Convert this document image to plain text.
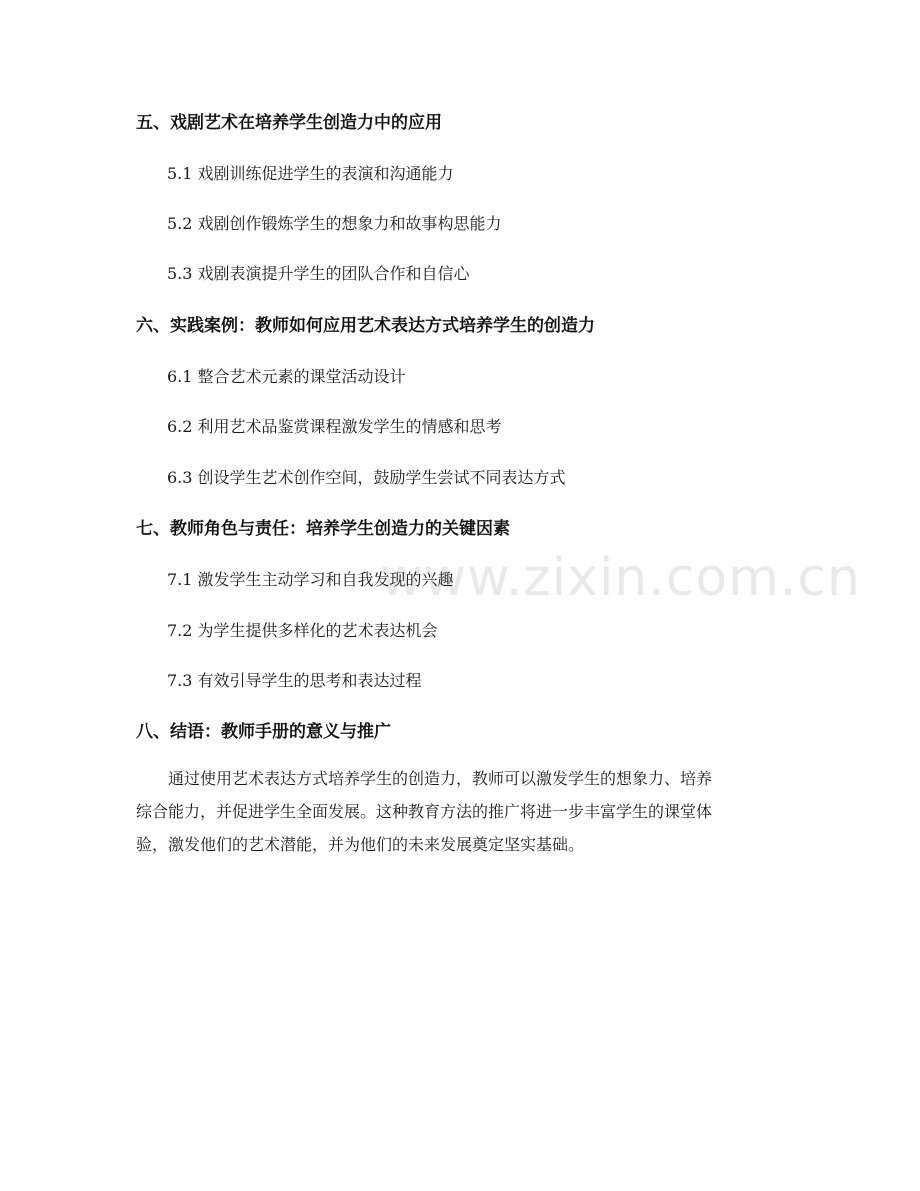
www.zixin.com.cn
五、戏剧艺术在培养学生创造力中的应用
5.1 戏剧训练促进学生的表演和沟通能力
5.2 戏剧创作锻炼学生的想象力和故事构思能力
5.3 戏剧表演提升学生的团队合作和自信心
六、实践案例：教师如何应用艺术表达方式培养学生的创造力
6.1 整合艺术元素的课堂活动设计
6.2 利用艺术品鉴赏课程激发学生的情感和思考
6.3 创设学生艺术创作空间，鼓励学生尝试不同表达方式
七、教师角色与责任：培养学生创造力的关键因素
7.1 激发学生主动学习和自我发现的兴趣
7.2 为学生提供多样化的艺术表达机会
7.3 有效引导学生的思考和表达过程
八、结语：教师手册的意义与推广
　　通过使用艺术表达方式培养学生的创造力，教师可以激发学生的想象力、培养
综合能力，并促进学生全面发展。这种教育方法的推广将进一步丰富学生的课堂体
验，激发他们的艺术潜能，并为他们的未来发展奠定坚实基础。
